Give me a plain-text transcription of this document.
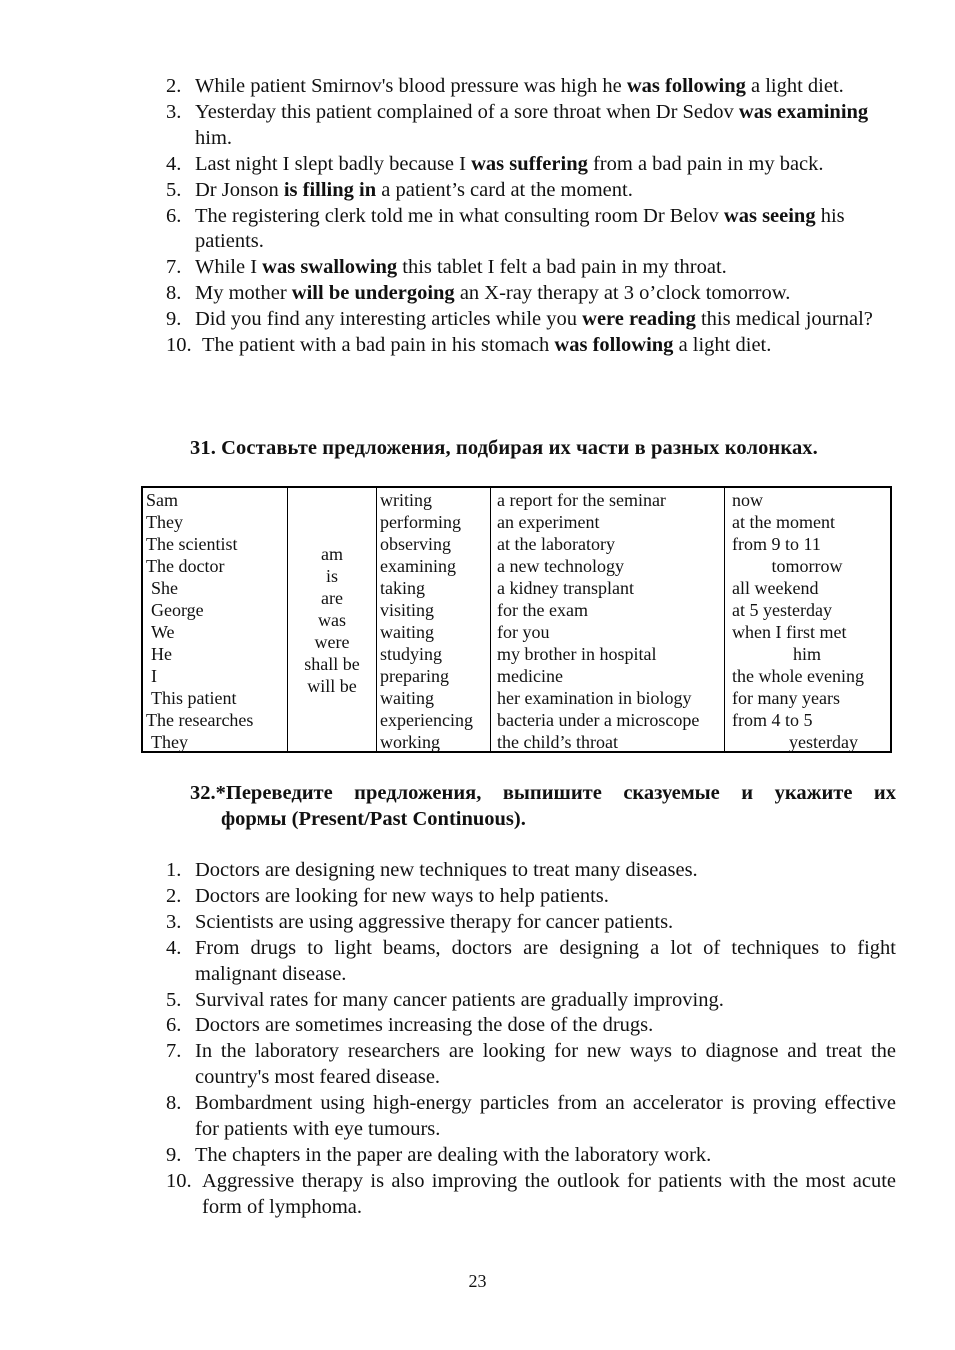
2. While patient Smirnov's blood pressure was high he was following a light diet.
3. Yesterday this patient complained of a sore throat when Dr Sedov was examining him.
4. Last night I slept badly because I was suffering from a bad pain in my back.
5. Dr Jonson is filling in a patient’s card at the moment.
6. The registering clerk told me in what consulting room Dr Belov was seeing his patients.
7. While I was swallowing this tablet I felt a bad pain in my throat.
8. My mother will be undergoing an X-ray therapy at 3 o’clock tomorrow.
9. Did you find any interesting articles while you were reading this medical journal?
10. The patient with a bad pain in his stomach was following a light diet.
31. Составьте предложения, подбирая их части в разных колонках.
Sam
They
The scientist
The doctor
She
George
We
He
I
This patient
The researches
They
am
is
are
was
were
shall be
will be
writing
performing
observing
examining
taking
visiting
waiting
studying
preparing
waiting
experiencing
working
a report for the seminar
an experiment
at the laboratory
a new technology
a kidney transplant
for the exam
for you
my brother in hospital
medicine
her examination in biology
bacteria under a microscope
the child’s throat
now
at the moment
from 9 to 11
tomorrow
all weekend
at 5 yesterday
when I first met
him
the whole evening
for many years
from 4 to 5
yesterday
32.*Переведите предложения, выпишите сказуемые и укажите их
формы (Present/Past Continuous).
1. Doctors are designing new techniques to treat many diseases.
2. Doctors are looking for new ways to help patients.
3. Scientists are using aggressive therapy for cancer patients.
4. From drugs to light beams, doctors are designing a lot of techniques to fight malignant disease.
5. Survival rates for many cancer patients are gradually improving.
6. Doctors are sometimes increasing the dose of the drugs.
7. In the laboratory researchers are looking for new ways to diagnose and treat the country's most feared disease.
8. Bombardment using high-energy particles from an accelerator is proving effective for patients with eye tumours.
9. The chapters in the paper are dealing with the laboratory work.
10. Aggressive therapy is also improving the outlook for patients with the most acute form of lymphoma.
23
